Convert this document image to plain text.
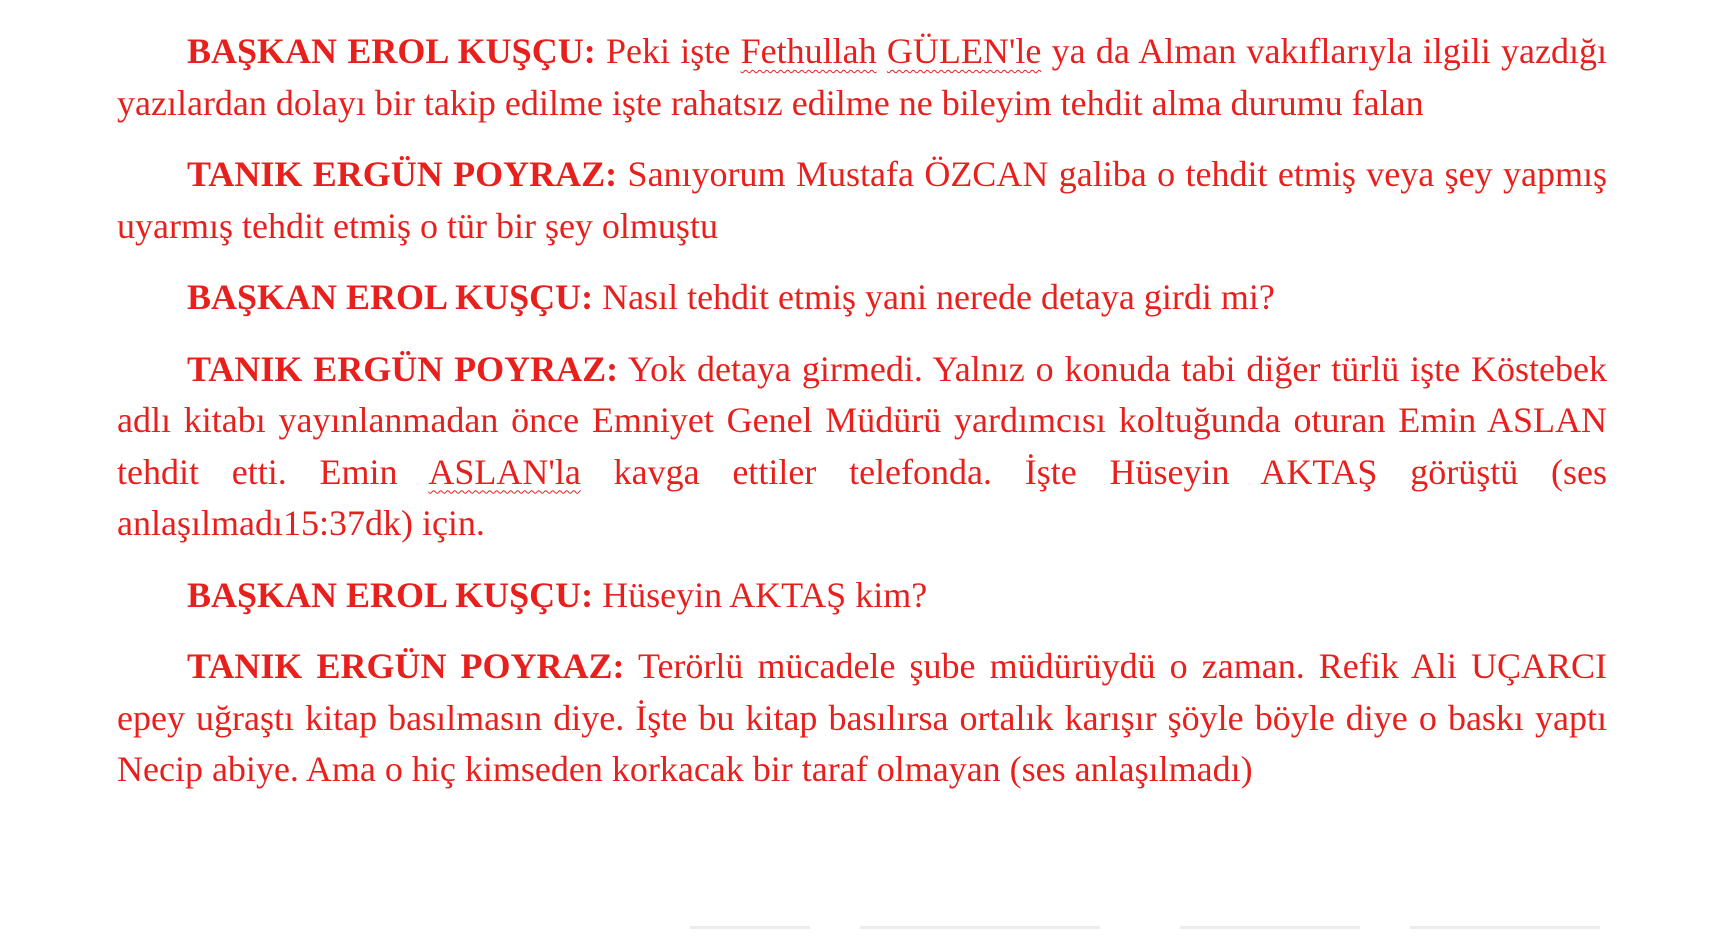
BAŞKAN EROL KUŞÇU: Peki işte Fethullah GÜLEN'le ya da Alman vakıflarıyla ilgili yazdığı yazılardan dolayı bir takip edilme işte rahatsız edilme ne bileyim tehdit alma durumu falan

TANIK ERGÜN POYRAZ: Sanıyorum Mustafa ÖZCAN galiba o tehdit etmiş veya şey yapmış uyarmış tehdit etmiş o tür bir şey olmuştu

BAŞKAN EROL KUŞÇU: Nasıl tehdit etmiş yani nerede detaya girdi mi?

TANIK ERGÜN POYRAZ: Yok detaya girmedi. Yalnız o konuda tabi diğer türlü işte Köstebek adlı kitabı yayınlanmadan önce Emniyet Genel Müdürü yardımcısı koltuğunda oturan Emin ASLAN tehdit etti. Emin ASLAN'la kavga ettiler telefonda. İşte Hüseyin AKTAŞ görüştü (ses anlaşılmadı15:37dk) için.

BAŞKAN EROL KUŞÇU: Hüseyin AKTAŞ kim?

TANIK ERGÜN POYRAZ: Terörlü mücadele şube müdürüydü o zaman. Refik Ali UÇARCI epey uğraştı kitap basılmasın diye. İşte bu kitap basılırsa ortalık karışır şöyle böyle diye o baskı yaptı Necip abiye. Ama o hiç kimseden korkacak bir taraf olmayan (ses anlaşılmadı)
